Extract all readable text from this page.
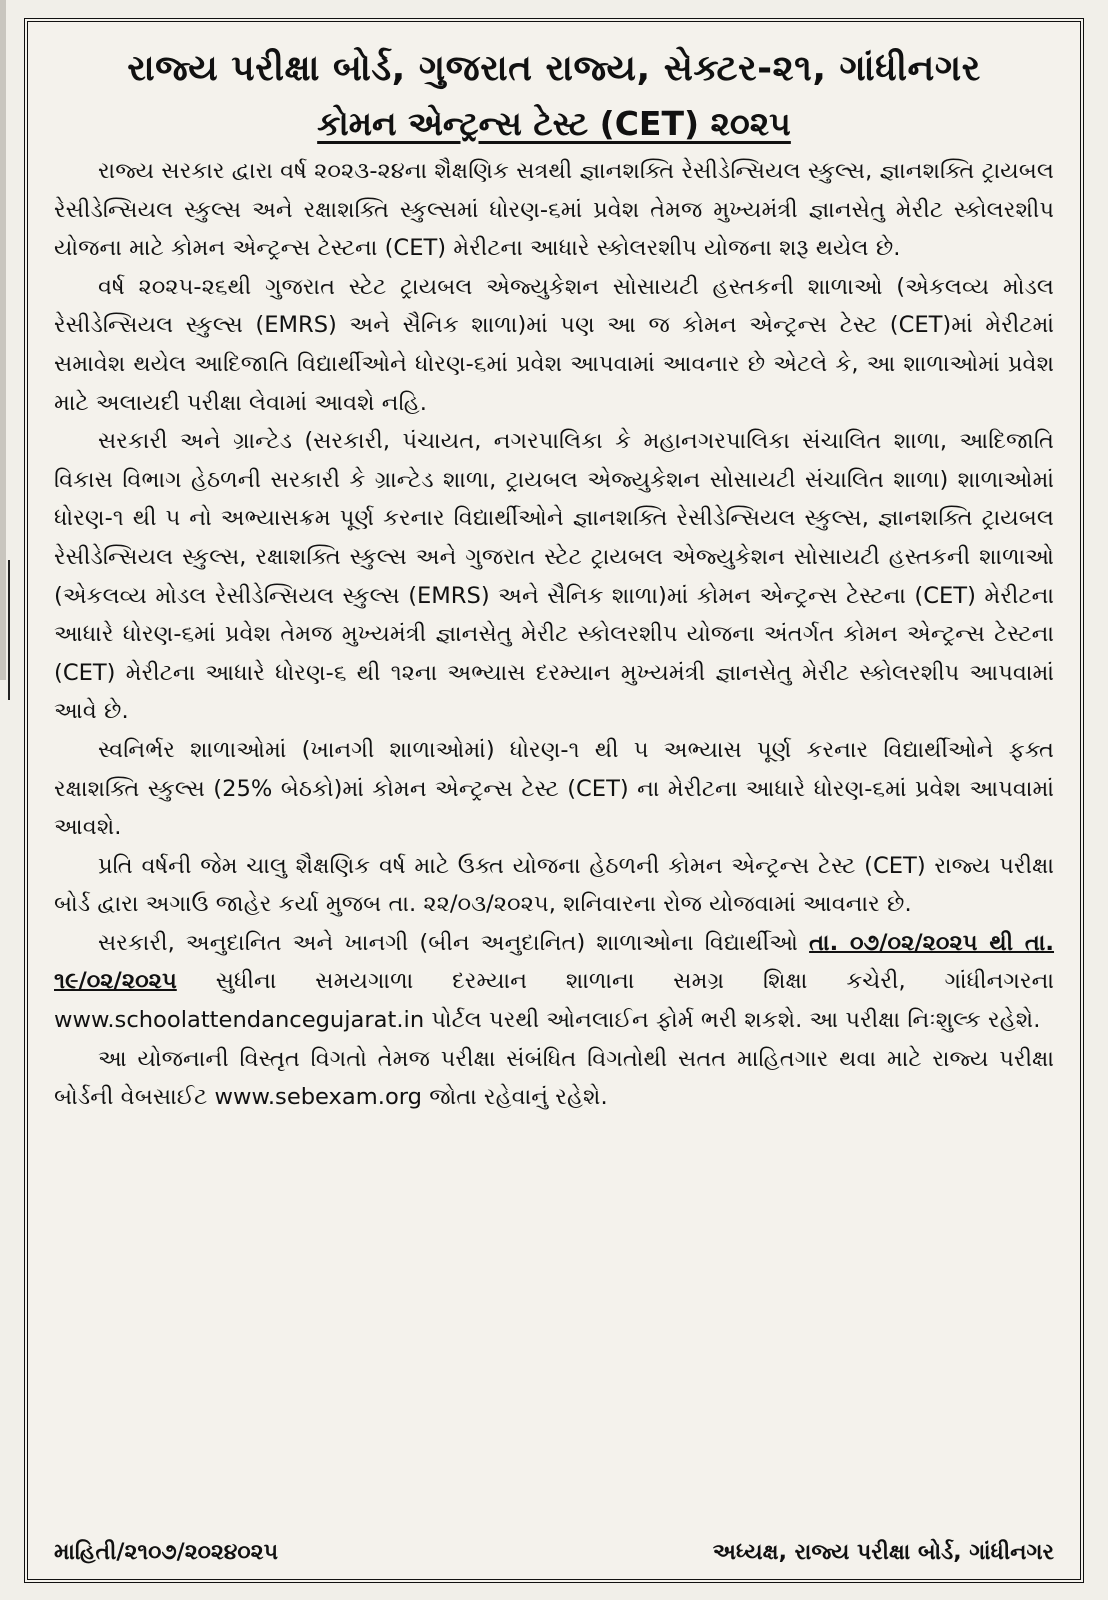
રાજ્ય પરીક્ષા બોર્ડ, ગુજરાત રાજ્ય, સેક્ટર-૨૧, ગાંધીનગર
કોમન એન્ટ્રન્સ ટેસ્ટ (CET) ૨૦૨૫

રાજ્ય સરકાર દ્વારા વર્ષ ૨૦૨૩-૨૪ના શૈક્ષણિક સત્રથી જ્ઞાનશક્તિ રેસીડેન્સિયલ સ્કુલ્સ, જ્ઞાનશક્તિ ટ્રાયબલ રેસીડેન્સિયલ સ્કુલ્સ અને રક્ષાશક્તિ સ્કુલ્સમાં ધોરણ-૬માં પ્રવેશ તેમજ મુખ્યમંત્રી જ્ઞાનસેતુ મેરીટ સ્કોલરશીપ યોજના માટે કોમન એન્ટ્રન્સ ટેસ્ટના (CET) મેરીટના આધારે સ્કોલરશીપ યોજના શરૂ થયેલ છે.

વર્ષ ૨૦૨૫-૨૬થી ગુજરાત સ્ટેટ ટ્રાયબલ એજ્યુકેશન સોસાયટી હસ્તકની શાળાઓ (એકલવ્ય મોડલ રેસીડેન્સિયલ સ્કુલ્સ (EMRS) અને સૈનિક શાળા)માં પણ આ જ કોમન એન્ટ્રન્સ ટેસ્ટ (CET)માં મેરીટમાં સમાવેશ થયેલ આદિજાતિ વિદ્યાર્થીઓને ધોરણ-૬માં પ્રવેશ આપવામાં આવનાર છે એટલે કે, આ શાળાઓમાં પ્રવેશ માટે અલાયદી પરીક્ષા લેવામાં આવશે નહિ.

સરકારી અને ગ્રાન્ટેડ (સરકારી, પંચાયત, નગરપાલિકા કે મહાનગરપાલિકા સંચાલિત શાળા, આદિજાતિ વિકાસ વિભાગ હેઠળની સરકારી કે ગ્રાન્ટેડ શાળા, ટ્રાયબલ એજ્યુકેશન સોસાયટી સંચાલિત શાળા) શાળાઓમાં ધોરણ-૧ થી ૫ નો અભ્યાસક્રમ પૂર્ણ કરનાર વિદ્યાર્થીઓને જ્ઞાનશક્તિ રેસીડેન્સિયલ સ્કુલ્સ, જ્ઞાનશક્તિ ટ્રાયબલ રેસીડેન્સિયલ સ્કુલ્સ, રક્ષાશક્તિ સ્કુલ્સ અને ગુજરાત સ્ટેટ ટ્રાયબલ એજ્યુકેશન સોસાયટી હસ્તકની શાળાઓ (એકલવ્ય મોડલ રેસીડેન્સિયલ સ્કુલ્સ (EMRS) અને સૈનિક શાળા)માં કોમન એન્ટ્રન્સ ટેસ્ટના (CET) મેરીટના આધારે ધોરણ-૬માં પ્રવેશ તેમજ મુખ્યમંત્રી જ્ઞાનસેતુ મેરીટ સ્કોલરશીપ યોજના અંતર્ગત કોમન એન્ટ્રન્સ ટેસ્ટના (CET) મેરીટના આધારે ધોરણ-૬ થી ૧૨ના અભ્યાસ દરમ્યાન મુખ્યમંત્રી જ્ઞાનસેતુ મેરીટ સ્કોલરશીપ આપવામાં આવે છે.

સ્વનિર્ભર શાળાઓમાં (ખાનગી શાળાઓમાં) ધોરણ-૧ થી ૫ અભ્યાસ પૂર્ણ કરનાર વિદ્યાર્થીઓને ફક્ત રક્ષાશક્તિ સ્કુલ્સ (25% બેઠકો)માં કોમન એન્ટ્રન્સ ટેસ્ટ (CET) ના મેરીટના આધારે ધોરણ-૬માં પ્રવેશ આપવામાં આવશે.

પ્રતિ વર્ષની જેમ ચાલુ શૈક્ષણિક વર્ષ માટે ઉક્ત યોજના હેઠળની કોમન એન્ટ્રન્સ ટેસ્ટ (CET) રાજ્ય પરીક્ષા બોર્ડ દ્વારા અગાઉ જાહેર કર્યા મુજબ તા. ૨૨/૦૩/૨૦૨૫, શનિવારના રોજ યોજવામાં આવનાર છે.

સરકારી, અનુદાનિત અને ખાનગી (બીન અનુદાનિત) શાળાઓના વિદ્યાર્થીઓ તા. ૦૭/૦૨/૨૦૨૫ થી તા. ૧૯/૦૨/૨૦૨૫ સુધીના સમયગાળા દરમ્યાન શાળાના સમગ્ર શિક્ષા કચેરી, ગાંધીનગરના www.schoolattendancegujarat.in પોર્ટલ પરથી ઓનલાઈન ફોર્મ ભરી શકશે. આ પરીક્ષા નિઃશુલ્ક રહેશે.

આ યોજનાની વિસ્તૃત વિગતો તેમજ પરીક્ષા સંબંધિત વિગતોથી સતત માહિતગાર થવા માટે રાજ્ય પરીક્ષા બોર્ડની વેબસાઈટ www.sebexam.org જોતા રહેવાનું રહેશે.

માહિતી/૨૧૦૭/૨૦૨૪૦૨૫	અધ્યક્ષ, રાજ્ય પરીક્ષા બોર્ડ, ગાંધીનગર
